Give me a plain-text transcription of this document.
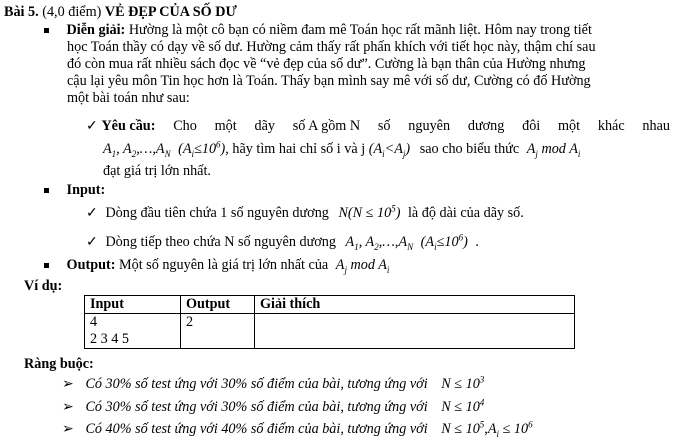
Bài 5. (4,0 điểm) VẺ ĐẸP CỦA SỐ DƯ
Diễn giải: Hường là một cô bạn có niềm đam mê Toán học rất mãnh liệt. Hôm nay trong tiết
học Toán thầy có dạy về số dư. Hường cảm thấy rất phấn khích với tiết học này, thậm chí sau
đó còn mua rất nhiều sách đọc về “vẻ đẹp của số dư”. Cường là bạn thân của Hường nhưng
cậu lại yêu môn Tin học hơn là Toán. Thấy bạn mình say mê với số dư, Cường có đố Hường
một bài toán như sau:
✓ Yêu cầu: Cho một dãy số A gồm N số nguyên dương đôi một khác nhau
$A_1$, $A_2,\dots,A_N$ $(A_i\le 10^6)$, hãy tìm hai chỉ số i và j $(A_i<A_j)$ sao cho biểu thức $A_j$ mod $A_i$
đạt giá trị lớn nhất.
Input:
✓ Dòng đầu tiên chứa 1 số nguyên dương $N(N \le 10^5)$ là độ dài của dãy số.
✓ Dòng tiếp theo chứa N số nguyên dương $A_1$, $A_2,\dots,A_N$ $(A_i\le 10^6)$ .
Output: Một số nguyên là giá trị lớn nhất của $A_j$ mod $A_i$
Ví dụ:
Input	Output	Giải thích

4
2 3 4 5	2	

Ràng buộc:
➢ Có 30% số test ứng với 30% số điểm của bài, tương ứng với $N \le 10^3$
➢ Có 30% số test ứng với 30% số điểm của bài, tương ứng với $N \le 10^4$
➢ Có 40% số test ứng với 40% số điểm của bài, tương ứng với $N \le 10^5,A_i \le 10^6$
